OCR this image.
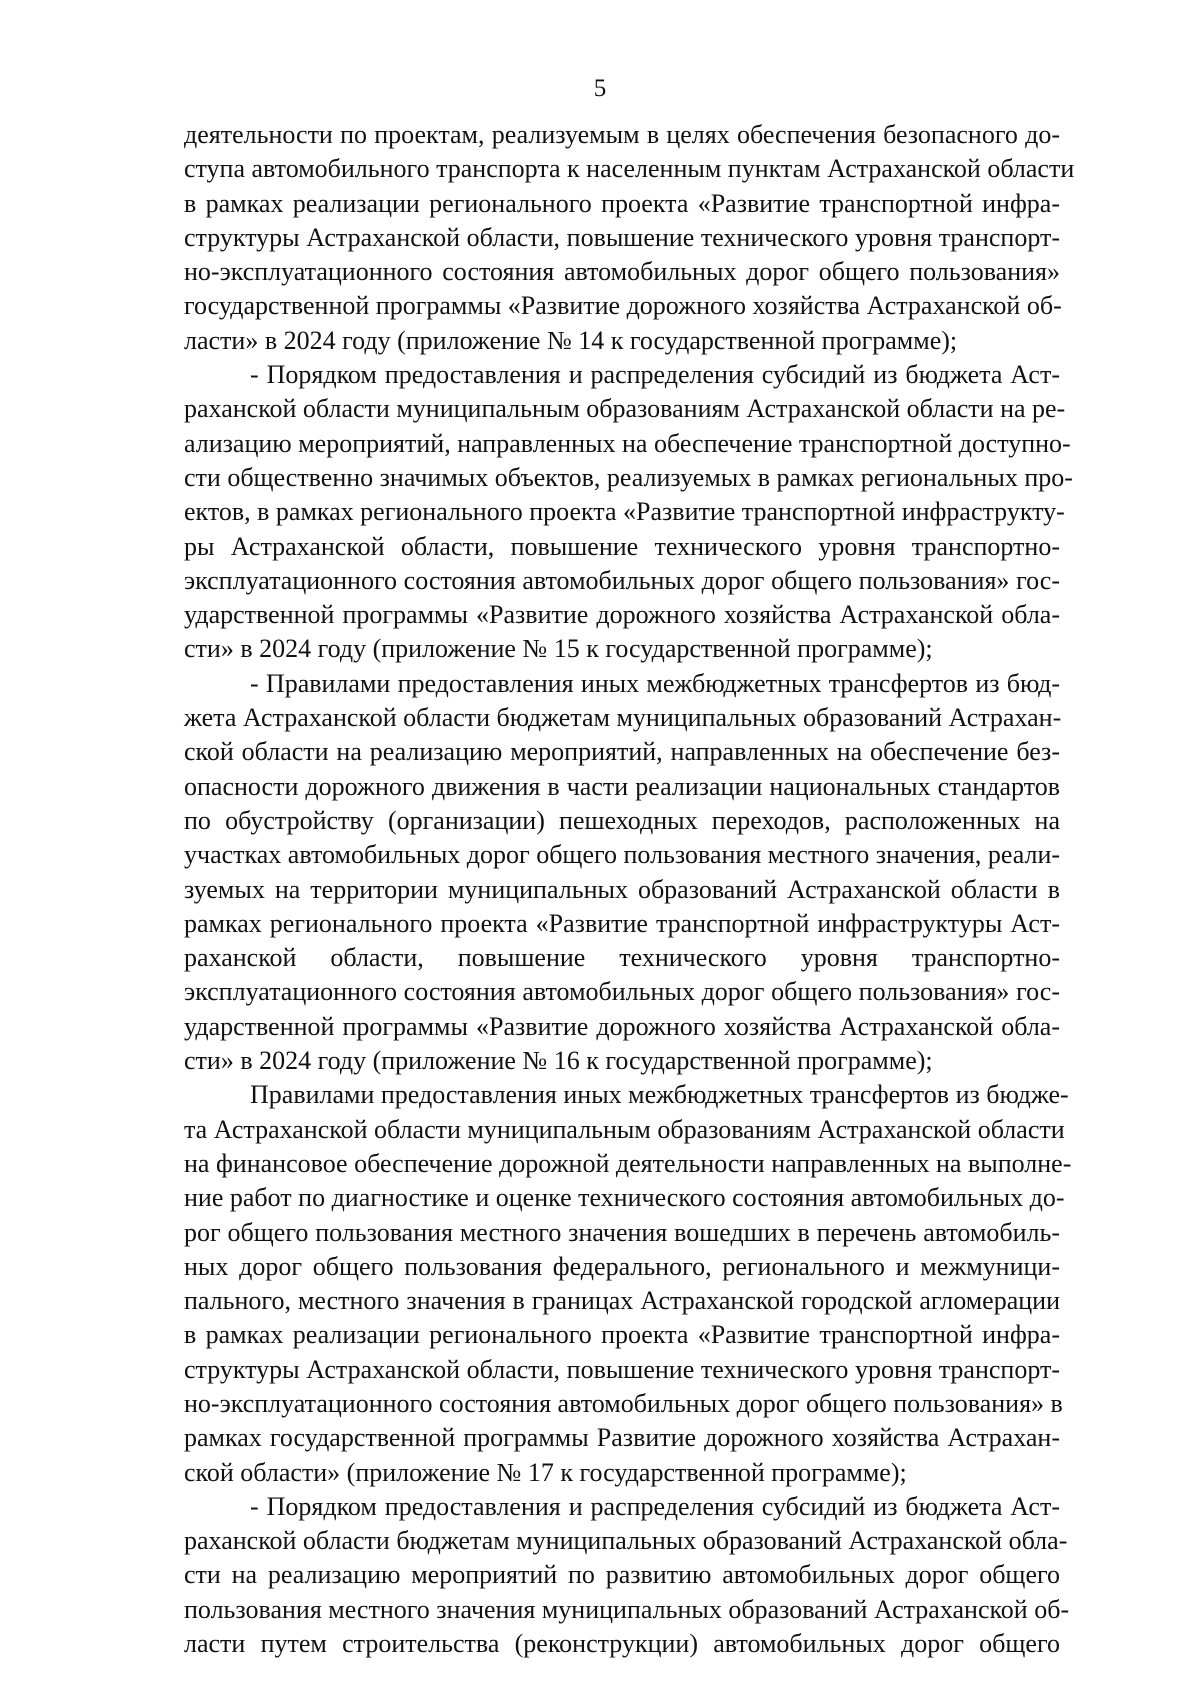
5
деятельности по проектам, реализуемым в целях обеспечения безопасного до-
ступа автомобильного транспорта к населенным пунктам Астраханской области
в рамках реализации регионального проекта «Развитие транспортной инфра-
структуры Астраханской области, повышение технического уровня транспорт-
но-эксплуатационного состояния автомобильных дорог общего пользования»
государственной программы «Развитие дорожного хозяйства Астраханской об-
ласти» в 2024 году (приложение № 14 к государственной программе);
- Порядком предоставления и распределения субсидий из бюджета Аст-
раханской области муниципальным образованиям Астраханской области на ре-
ализацию мероприятий, направленных на обеспечение транспортной доступно-
сти общественно значимых объектов, реализуемых в рамках региональных про-
ектов, в рамках регионального проекта «Развитие транспортной инфраструкту-
ры Астраханской области, повышение технического уровня транспортно-
эксплуатационного состояния автомобильных дорог общего пользования» гос-
ударственной программы «Развитие дорожного хозяйства Астраханской обла-
сти» в 2024 году (приложение № 15 к государственной программе);
- Правилами предоставления иных межбюджетных трансфертов из бюд-
жета Астраханской области бюджетам муниципальных образований Астрахан-
ской области на реализацию мероприятий, направленных на обеспечение без-
опасности дорожного движения в части реализации национальных стандартов
по обустройству (организации) пешеходных переходов, расположенных на
участках автомобильных дорог общего пользования местного значения, реали-
зуемых на территории муниципальных образований Астраханской области в
рамках регионального проекта «Развитие транспортной инфраструктуры Аст-
раханской области, повышение технического уровня транспортно-
эксплуатационного состояния автомобильных дорог общего пользования» гос-
ударственной программы «Развитие дорожного хозяйства Астраханской обла-
сти» в 2024 году (приложение № 16 к государственной программе);
Правилами предоставления иных межбюджетных трансфертов из бюдже-
та Астраханской области муниципальным образованиям Астраханской области
на финансовое обеспечение дорожной деятельности направленных на выполне-
ние работ по диагностике и оценке технического состояния автомобильных до-
рог общего пользования местного значения вошедших в перечень автомобиль-
ных дорог общего пользования федерального, регионального и межмуници-
пального, местного значения в границах Астраханской городской агломерации
в рамках реализации регионального проекта «Развитие транспортной инфра-
структуры Астраханской области, повышение технического уровня транспорт-
но-эксплуатационного состояния автомобильных дорог общего пользования» в
рамках государственной программы Развитие дорожного хозяйства Астрахан-
ской области» (приложение № 17 к государственной программе);
- Порядком предоставления и распределения субсидий из бюджета Аст-
раханской области бюджетам муниципальных образований Астраханской обла-
сти на реализацию мероприятий по развитию автомобильных дорог общего
пользования местного значения муниципальных образований Астраханской об-
ласти путем строительства (реконструкции) автомобильных дорог общего
